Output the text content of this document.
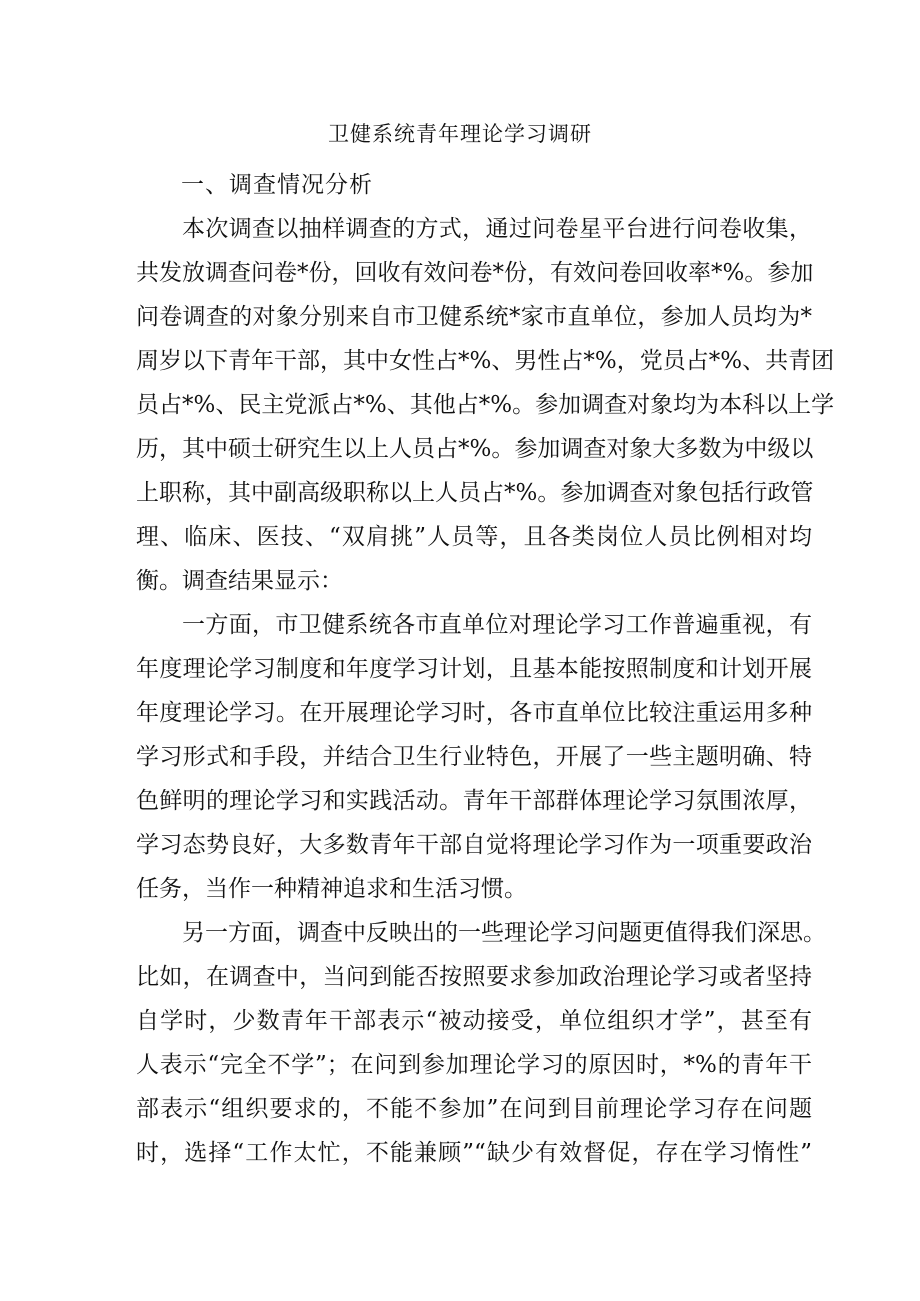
卫健系统青年理论学习调研
一、调查情况分析

本次调查以抽样调查的方式，通过问卷星平台进行问卷收集，

共发放调查问卷*份，回收有效问卷*份，有效问卷回收率*%。参加

问卷调查的对象分别来自市卫健系统*家市直单位，参加人员均为*

周岁以下青年干部，其中女性占*%、男性占*%，党员占*%、共青团

员占*%、民主党派占*%、其他占*%。参加调查对象均为本科以上学

历，其中硕士研究生以上人员占*%。参加调查对象大多数为中级以

上职称，其中副高级职称以上人员占*%。参加调查对象包括行政管

理、临床、医技、“双肩挑”人员等，且各类岗位人员比例相对均

衡。调查结果显示：

一方面，市卫健系统各市直单位对理论学习工作普遍重视，有

年度理论学习制度和年度学习计划，且基本能按照制度和计划开展

年度理论学习。在开展理论学习时，各市直单位比较注重运用多种

学习形式和手段，并结合卫生行业特色，开展了一些主题明确、特

色鲜明的理论学习和实践活动。青年干部群体理论学习氛围浓厚，

学习态势良好，大多数青年干部自觉将理论学习作为一项重要政治

任务，当作一种精神追求和生活习惯。

另一方面，调查中反映出的一些理论学习问题更值得我们深思。

比如，在调查中，当问到能否按照要求参加政治理论学习或者坚持

自学时，少数青年干部表示“被动接受，单位组织才学”，甚至有

人表示“完全不学”；在问到参加理论学习的原因时，*%的青年干

部表示“组织要求的，不能不参加”在问到目前理论学习存在问题

时，选择“工作太忙，不能兼顾”“缺少有效督促，存在学习惰性”
